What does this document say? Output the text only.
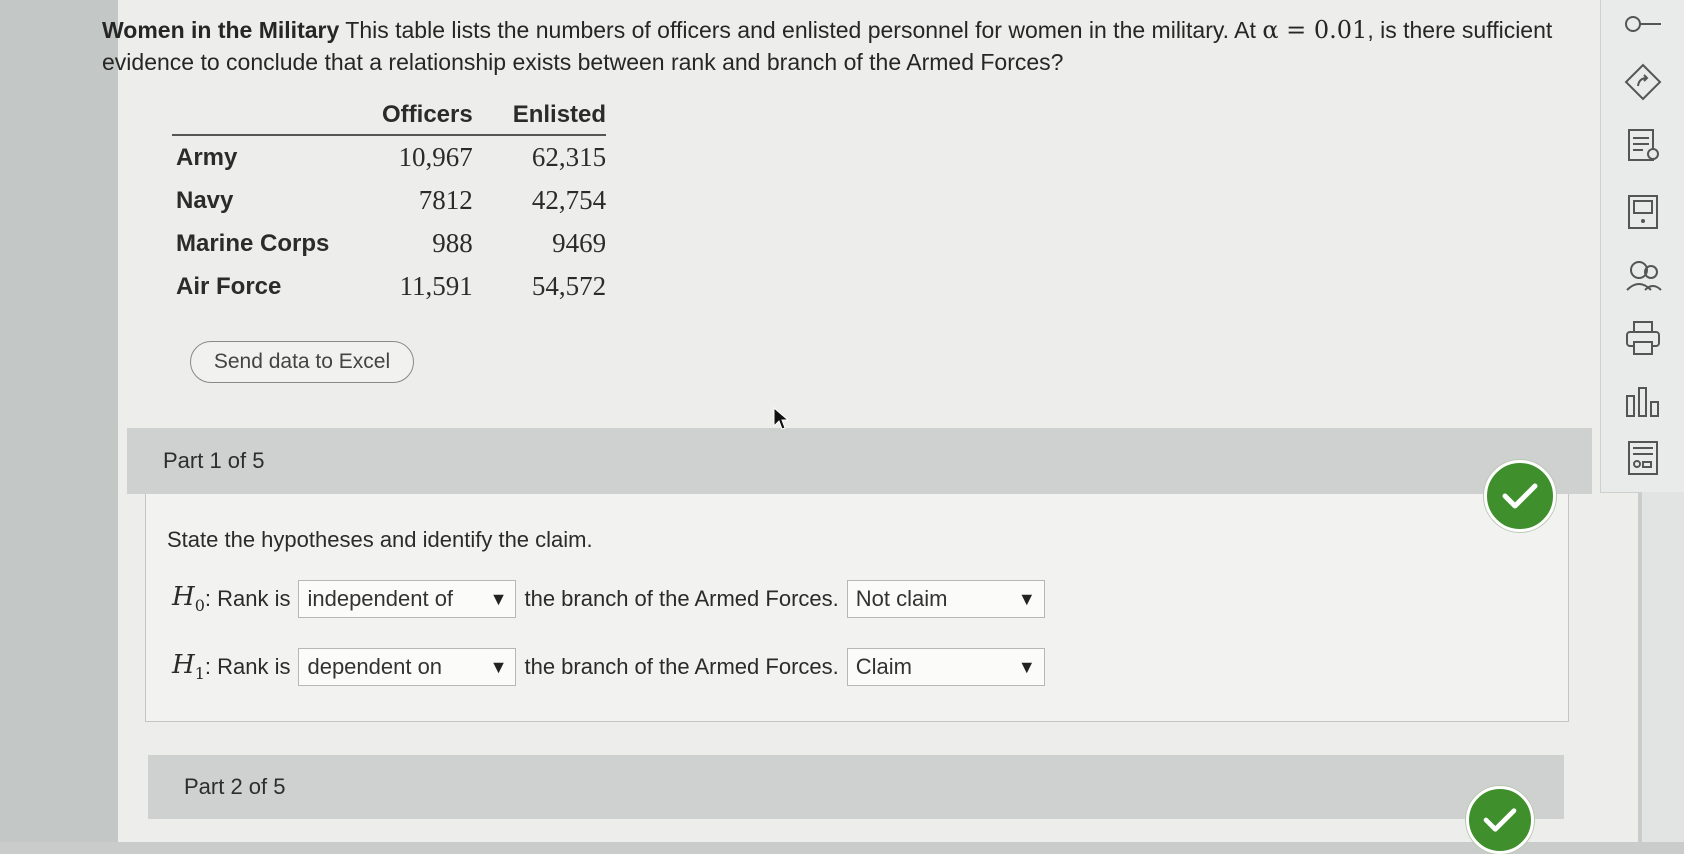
Women in the Military This table lists the numbers of officers and enlisted personnel for women in the military. At α = 0.01, is there sufficient evidence to conclude that a relationship exists between rank and branch of the Armed Forces?

	Officers	Enlisted
Army	10,967	62,315
Navy	7812	42,754
Marine Corps	988	9469
Air Force	11,591	54,572
Send data to Excel
Part 1 of 5
State the hypotheses and identify the claim.
$H_0$ : Rank is independent of ▼ the branch of the Armed Forces. Not claim	▼
$H_1$ : Rank is dependent on	▼ the branch of the Armed Forces. Claim	▼
Part 2 of 5
